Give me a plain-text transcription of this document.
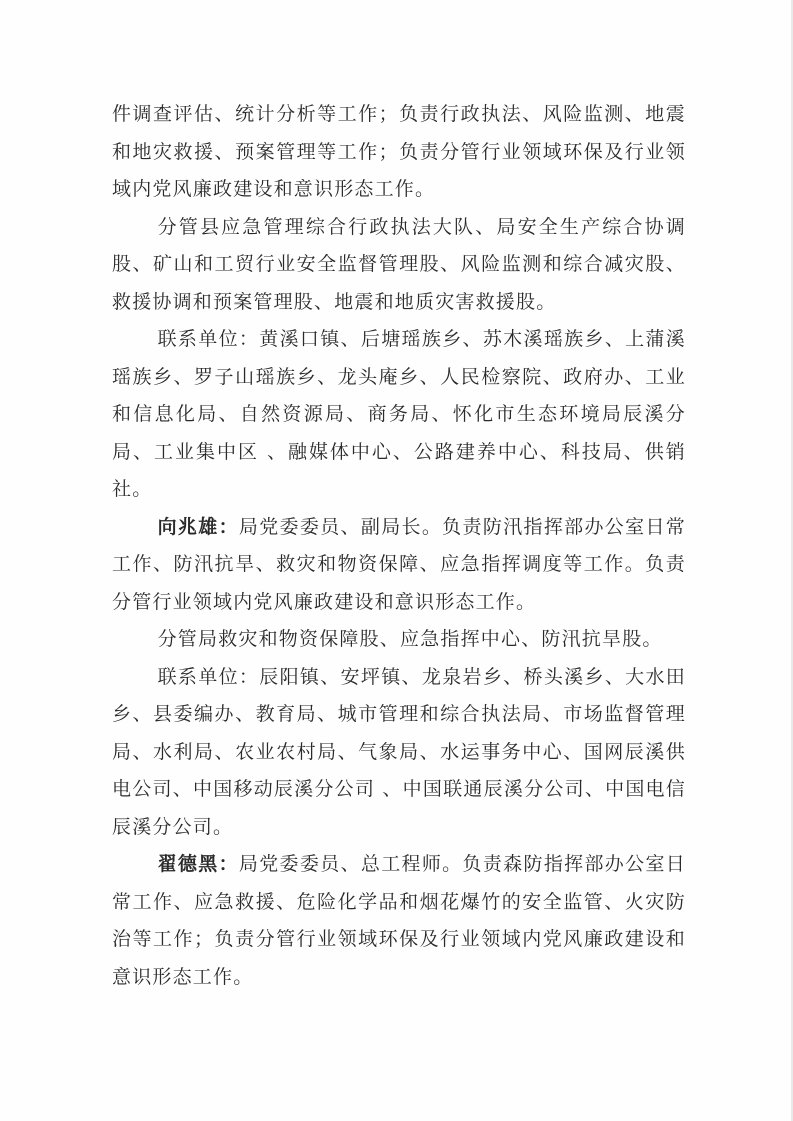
件调查评估、统计分析等工作；负责行政执法、风险监测、地震和地灾救援、预案管理等工作；负责分管行业领域环保及行业领域内党风廉政建设和意识形态工作。

分管县应急管理综合行政执法大队、局安全生产综合协调股、矿山和工贸行业安全监督管理股、风险监测和综合减灾股、救援协调和预案管理股、地震和地质灾害救援股。

联系单位：黄溪口镇、后塘瑶族乡、苏木溪瑶族乡、上蒲溪瑶族乡、罗子山瑶族乡、龙头庵乡、人民检察院、政府办、工业和信息化局、自然资源局、商务局、怀化市生态环境局辰溪分局、工业集中区 、融媒体中心、公路建养中心、科技局、供销社。

向兆雄：局党委委员、副局长。负责防汛指挥部办公室日常工作、防汛抗旱、救灾和物资保障、应急指挥调度等工作。负责分管行业领域内党风廉政建设和意识形态工作。

分管局救灾和物资保障股、应急指挥中心、防汛抗旱股。

联系单位：辰阳镇、安坪镇、龙泉岩乡、桥头溪乡、大水田乡、县委编办、教育局、城市管理和综合执法局、市场监督管理局、水利局、农业农村局、气象局、水运事务中心、国网辰溪供电公司、中国移动辰溪分公司 、中国联通辰溪分公司、中国电信辰溪分公司。

翟德黑：局党委委员、总工程师。负责森防指挥部办公室日常工作、应急救援、危险化学品和烟花爆竹的安全监管、火灾防治等工作；负责分管行业领域环保及行业领域内党风廉政建设和意识形态工作。
